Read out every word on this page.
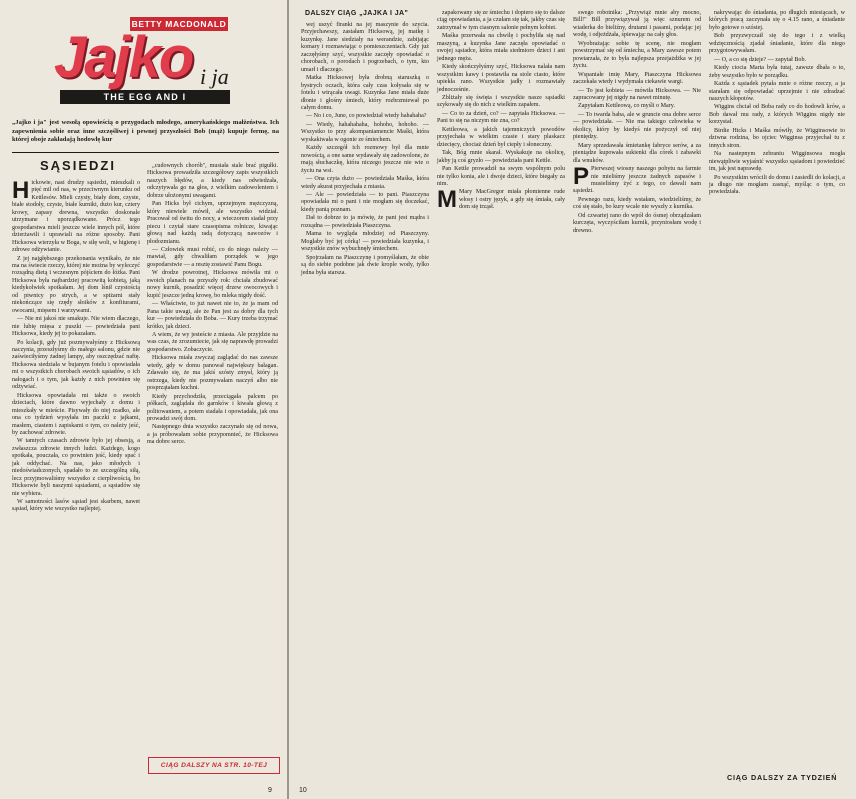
BETTY MACDONALD
Jajko i ja
THE EGG AND I
„Jajko i ja" jest wesołą opowieścią o przygodach młodego, amerykańskiego małżeństwa. Ich zapewnienia sobie oraz inne szczęśliwej i pewnej przyszłości Bob (mąż) kupuje fermę, na której oboje zakładają hodowlę kur
SĄSIEDZI

Hickowie, nasi drudzy sąsiedzi, mieszkali o pięć mil od nas, w przeciwnym kierunku od Kettlesów. Mieli czysty, biały dom, czyste, białe stodoły, czyste, białe kurniki, dużo kur, cztery krowy, zapasy drewna, wszystko doskonale utrzymane i uporządkowane. Prócz tego gospodarstwa mieli jeszcze wiele innych pól, które dzierżawili i uprawiali na różne sposoby. Pani Hicksowa wierzyła w Boga, w siłę woli, w higienę i zdrowe odżywianie.

Z jej najgłębszego przekonania wynikało, że nie ma na świecie rzeczy, której nie można by wyleczyć rozsądną dietą i wczesnym pójściem do łóżka. Pani Hicksowa była najbardziej pracowitą kobietą, jaką kiedykolwiek spotkałam. Jej dom lśnił czystością od piwnicy po strych, a w spiżarni stały niekończące się rzędy słoików z konfiturami, owocami, mięsem i warzywami.

— Nie mi jakoś nie smakuje. Nie wiem dlaczego, nie lubię mięsa z puszki — powiedziała pani Hicksowa, kiedy jej to pokazałam.

Po kolacji, gdy już pozmywałyśmy z Hicksową naczynia, przeszłyśmy do małego salonu, gdzie nie zaświeciłyśmy żadnej lampy, aby oszczędzać naftę. Hicksowa siedziała w bujanym fotelu i opowiadała mi o wszystkich chorobach swoich sąsiadów, o ich nałogach i o tym, jak każdy z nich powinien się odżywiać.

Hicksowa opowiadała mi także o swoich dzieciach, które dawno wyjechały z domu i mieszkały w mieście. Pisywały do niej rzadko, ale ona co tydzień wysyłała im paczki z jajkami, masłem, ciastem i zapiskami o tym, co należy jeść, by zachować zdrowie.

W tamtych czasach zdrowie było jej obsesją, a zwłaszcza zdrowie innych ludzi. Każdego, kogo spotkała, pouczała, co powinien jeść, kiedy spać i jak oddychać. Na nas, jako młodych i niedoświadczonych, spadało to ze szczególną siłą, lecz przyjmowaliśmy wszystko z cierpliwością, bo Hicksowie byli naszymi sąsiadami, a sąsiadów się nie wybiera.

W samotności lasów sąsiad jest skarbem, nawet sąsiad, który wie wszystko najlepiej.

„cudownych chorób", musiała stale brać pigułki. Hicksowa prowadziła szczegółowy zapis wszystkich naszych błędów, a kiedy nas odwiedzała, odczytywała go na głos, z wielkim zadowoleniem i dobrze ułożonymi uwagami.

Pan Hicks był cichym, uprzejmym mężczyzną, który niewiele mówił, ale wszystko widział. Pracował od świtu do nocy, a wieczorem siadał przy piecu i czytał stare czasopisma rolnicze, kiwając głową nad każdą radą dotyczącą nawozów i płodozmianu.

— Człowiek musi robić, co do niego należy — mawiał, gdy chwaliłam porządek w jego gospodarstwie — a resztę zostawić Panu Bogu.

W drodze powrotnej, Hicksowa mówiła mi o swoich planach na przyszły rok: chciała zbudować nowy kurnik, posadzić więcej drzew owocowych i kupić jeszcze jedną krowę, bo mleka nigdy dość.

— Właściwie, to już nawet nie to, że ja mam od Pana takie uwagi, ale że Pan jest za dobry dla tych kur — powiedziała do Boba. — Kury trzeba trzymać krótko, jak dzieci.

A wiem, że wy jesteście z miasta. Ale przyjdzie na was czas, że zrozumiecie, jak się naprawdę prowadzi gospodarstwo. Zobaczycie.

Hicksowa miała zwyczaj zaglądać do nas zawsze wtedy, gdy w domu panował największy bałagan. Zdawało się, że ma jakiś szósty zmysł, który ją ostrzega, kiedy nie pozmywałam naczyń albo nie posprzątałam kuchni.

Kiedy przychodziła, przeciągała palcem po półkach, zaglądała do garnków i kiwała głową z politowaniem, a potem siadała i opowiadała, jak ona prowadzi swój dom.

Następnego dnia wszystko zaczynało się od nowa, a ja próbowałam sobie przypomnieć, że Hicksowa ma dobre serce.

CIĄG DALSZY NA STR. 10-TEJ
9
DALSZY CIĄG „JAJKA I JA"

wej uszyć firanki na jej maszynie do szycia. Przyjechawszy, zastałam Hicksową, jej matkę i kuzynkę. Jane siedziały na werandzie, zabijając komary i rozmawiając o pomieszczeniach. Gdy już zaczęłyśmy szyć, wszystkie zaczęły opowiadać o chorobach, o porodach i pogrzebach, o tym, kto umarł i dlaczego.

Matka Hicksowej była drobną staruszką o bystrych oczach, która cały czas kołysała się w fotelu i wtrącała uwagi. Kuzynka Jane miała duże dłonie i głośny śmiech, który rozbrzmiewał po całym domu.

— No i co, June, co powiedział wtedy hahahaha?

— Wiedy, hahahahaha, hohoho, hohoho. — Wszystko to przy akompaniamencie Maśki, która wyskakiwała w ogonie ze śmiechem.

Każdy szczegół ich rozmowy był dla mnie nowością, a one same wydawały się zadowolone, że mają słuchaczkę, która niczego jeszcze nie wie o życiu na wsi.

— Ona czyta dużo — powiedziała Maśka, która wtedy akurat przyjechała z miasta.

— Ale — powiedziała — to pani. Piaszczyna opowiadała mi o pani i nie mogłam się doczekać, kiedy panią poznam.

Dał to dobrze to ja mówię, że pani jest mądra i rozsądna — powiedziała Piaszczyna.

Mama to wygląda młodziej od Piaszczyny. Mogłaby być jej córką! — powiedziała kuzynka, i wszystkie znów wybuchnęły śmiechem.

Spojrzałam na Piaszczynę i pomyślałam, że obie są do siebie podobne jak dwie krople wody, tylko jedna była starsza.

zapakowany się ze śmiechu i dopiero się to dalsze ciąg opowiadania, a ja czułam się tak, jakby czas się zatrzymał w tym ciasnym salonie pełnym kobiet.

Maśka przerwała na chwilę i pochyliła się nad maszyną, a kuzynka Jane zaczęła opowiadać o swojej sąsiadce, która miała siedmioro dzieci i ani jednego męża.

Kiedy skończyłyśmy szyć, Hicksowa nalała nam wszystkim kawy i postawiła na stole ciasto, które upiekła rano. Wszystkie jadły i rozmawiały jednocześnie.

Zbliżały się święta i wszystkie nasze sąsiadki szykowały się do nich z wielkim zapałem.

— Co to za dzień, co? — zapytała Hicksowa. — Pani to się na niczym nie zna, co?

Kettleowa, a jakich tajemniczych powodów przyjechała w wielkim czasie i stary plaskacz dziecięcy, chociaż dzień był ciepły i słoneczny.

Tak, Bóg mnie skarał. Wyskakuje na okolicę, jakby ją coś gryzło — powiedziała pani Kettle.

Pan Kettle prowadził na swym wspólnym polu nie tylko konia, ale i dwoje dzieci, które biegały za nim.

M Mary MacGregor miała płomienne rude włosy i ostry język, a gdy się śmiała, cały dom się trząsł.

swego robotnika: „Przywiąż mnie aby mocno, Bill!" Bill przywiązywał ją więc sznurem od wiaderka do bieliźny, drutami i pasami, podając jej wodę, i odjeżdżała, śpiewając na cały głos.

Wyobrażając sobie tę scenę, nie mogłam powstrzymać się od śmiechu, a Mary zawsze potem powtarzała, że to była najlepsza przejażdżka w jej życiu.

Wspaniałe imię Mary, Piaszczyna Hicksowa zaczekała wtedy i wydymała ciekawie wargi.

— To jest kobieta — mówiła Hicksowa. — Nie zapracowany jej nigdy na nawet minutę.

Zapytałam Kettleową, co myśli o Mary.

— To twarda baba, ale w gruncie ona dobre serce — powiedziała. — Nie ma takiego człowieka w okolicy, który by kiedyś nie pożyczył od niej pieniędzy.

Mary sprzedawała śmietankę fabryce serów, a za pieniądze kupowała sukienki dla córek i zabawki dla wnuków.

P Pierwszej wiosny naszego pobytu na farmie nie mieliśmy jeszcze żadnych zapasów i musieliśmy żyć z tego, co dawali nam sąsiedzi.

Pewnego razu, kiedy wstałam, wiedzieliśmy, że coś się stało, bo kury wcale nie wyszły z kurnika.

Od czwartej rano do wpół do ósmej obrządzałam kurczęta, wyczyściłam kurnik, przyniosłam wodę i drewno.

nakrywając do śniadania, po długich miesiącach, w których pracą zaczynała się o 4.15 rano, a śniadanie było gotowe o szóstej.

Bob przyzwyczaił się do tego i z wielką wdzięcznością zjadał śniadanie, które dla niego przygotowywałam.

— O, a co się dzieje? — zapytał Bob.

Kiedy ciocia Marta była tutaj, zawsze dbała o to, żeby wszystko było w porządku.

Każda z sąsiadek pytała mnie o różne rzeczy, a ja starałam się odpowiadać uprzejmie i nie zdradzać naszych kłopotów.

Wiggins chciał od Boba rady co do hodowli krów, a Bob dawał mu rady, z których Wiggins nigdy nie korzystał.

Birdie Hicks i Maśka mówiły, że Wigginsowie to dziwna rodzina, bo ojciec Wigginsa przyjechał tu z innych stron.

Na nastepnym zebraniu Wigginsowa mogła niewątpliwie wyjaśnić wszystko sąsiadom i powiedzieć im, jak jest naprawdę.

Po wszystkim wrócili do domu i zasiedli do kolacji, a ja długo nie mogłam zasnąć, myśląc o tym, co powiedziała.

CIĄG DALSZY ZA TYDZIEŃ
10
